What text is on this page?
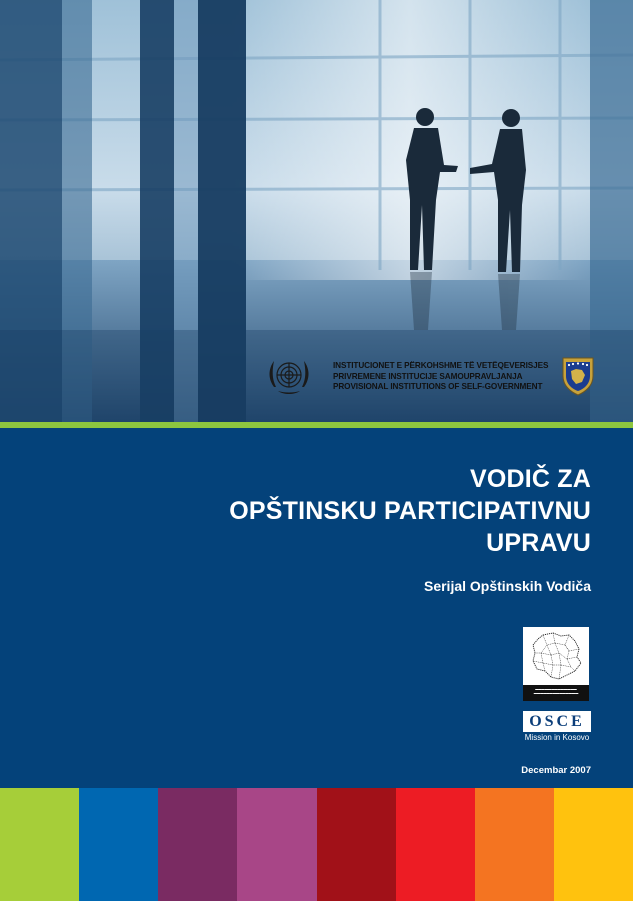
INSTITUCIONET E PËRKOHSHME TË VETËQEVERISJES
PRIVREMENE INSTITUCIJE SAMOUPRAVLJANJA
PROVISIONAL INSTITUTIONS OF SELF-GOVERNMENT
VODIČ ZA
OPŠTINSKU PARTICIPATIVNU
UPRAVU
Serijal Opštinskih Vodiča
▬▬▬▬▬▬▬▬▬▬▬▬▬
▬▬▬▬▬▬▬▬▬▬▬▬▬▬
OSCE
Mission in Kosovo
Decembar 2007
